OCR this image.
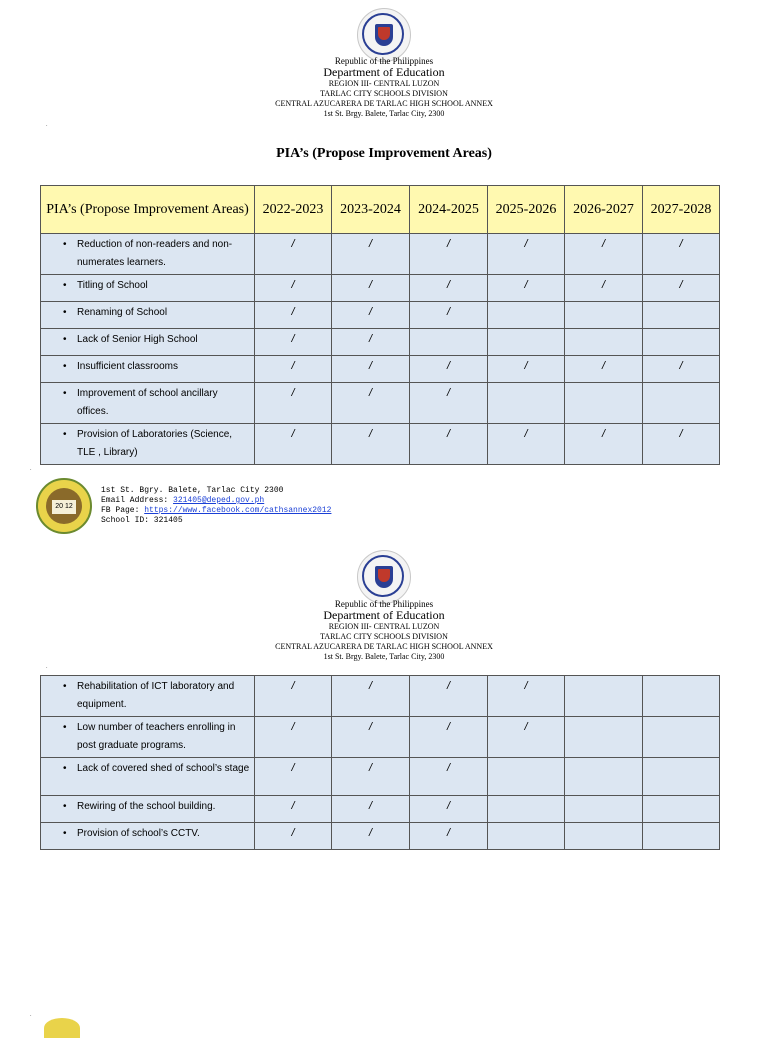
Republic of the Philippines
Department of Education
REGION III- CENTRAL LUZON
TARLAC CITY SCHOOLS DIVISION
CENTRAL AZUCARERA DE TARLAC HIGH SCHOOL ANNEX
1st St. Brgy. Balete, Tarlac City, 2300
.
PIA’s (Propose Improvement Areas)
PIA’s (Propose Improvement Areas)	2022-2023	2023-2024	2024-2025	2025-2026	2026-2027	2027-2028

• Reduction of non-readers and non-numerates learners.	/	/	/	/	/	/

• Titling of School	/	/	/	/	/	/

• Renaming of School	/	/	/			

• Lack of Senior High School	/	/				

• Insufficient classrooms	/	/	/	/	/	/

• Improvement of school ancillary offices.	/	/	/			

• Provision of Laboratories (Science, TLE , Library)	/	/	/	/	/	/
.
20 12
1st St. Bgry. Balete, Tarlac City 2300
Email Address: 321405@deped.gov.ph
FB Page: https://www.facebook.com/cathsannex2012
School ID: 321405
Republic of the Philippines
Department of Education
REGION III- CENTRAL LUZON
TARLAC CITY SCHOOLS DIVISION
CENTRAL AZUCARERA DE TARLAC HIGH SCHOOL ANNEX
1st St. Brgy. Balete, Tarlac City, 2300
.
• Rehabilitation of ICT laboratory and equipment.	/	/	/	/		

• Low number of teachers enrolling in post graduate programs.	/	/	/	/		

• Lack of covered shed of school’s stage	/	/	/			

• Rewiring of the school building.	/	/	/			

• Provision of school’s CCTV.	/	/	/			
.
